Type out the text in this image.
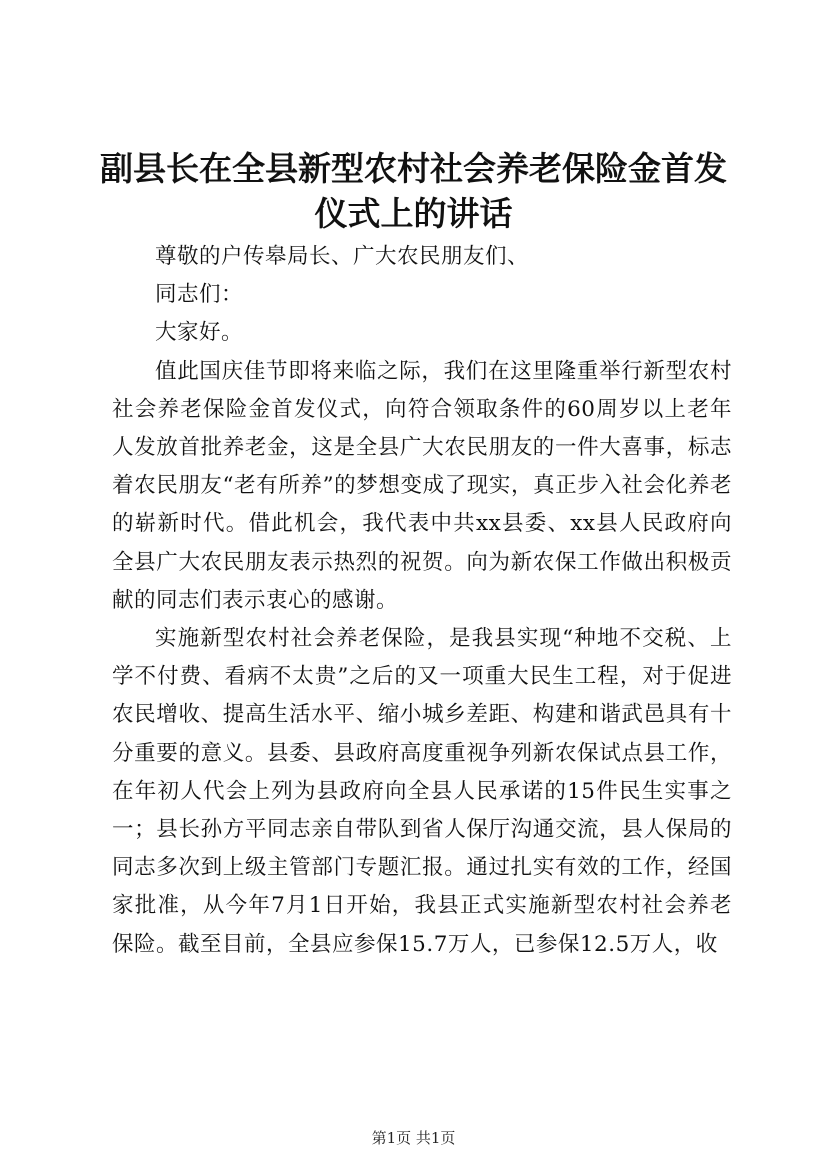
副县长在全县新型农村社会养老保险金首发仪式上的讲话

尊敬的户传皋局长、广大农民朋友们、

同志们：

大家好。

值此国庆佳节即将来临之际，我们在这里隆重举行新型农村社会养老保险金首发仪式，向符合领取条件的60周岁以上老年人发放首批养老金，这是全县广大农民朋友的一件大喜事，标志着农民朋友“老有所养”的梦想变成了现实，真正步入社会化养老的崭新时代。借此机会，我代表中共xx县委、xx县人民政府向全县广大农民朋友表示热烈的祝贺。向为新农保工作做出积极贡献的同志们表示衷心的感谢。

实施新型农村社会养老保险，是我县实现“种地不交税、上学不付费、看病不太贵”之后的又一项重大民生工程，对于促进农民增收、提高生活水平、缩小城乡差距、构建和谐武邑具有十分重要的意义。县委、县政府高度重视争列新农保试点县工作，在年初人代会上列为县政府向全县人民承诺的15件民生实事之一；县长孙方平同志亲自带队到省人保厅沟通交流，县人保局的同志多次到上级主管部门专题汇报。通过扎实有效的工作，经国家批准，从今年7月1日开始，我县正式实施新型农村社会养老保险。截至目前，全县应参保15.7万人，已参保12.5万人，收

第1页 共1页
